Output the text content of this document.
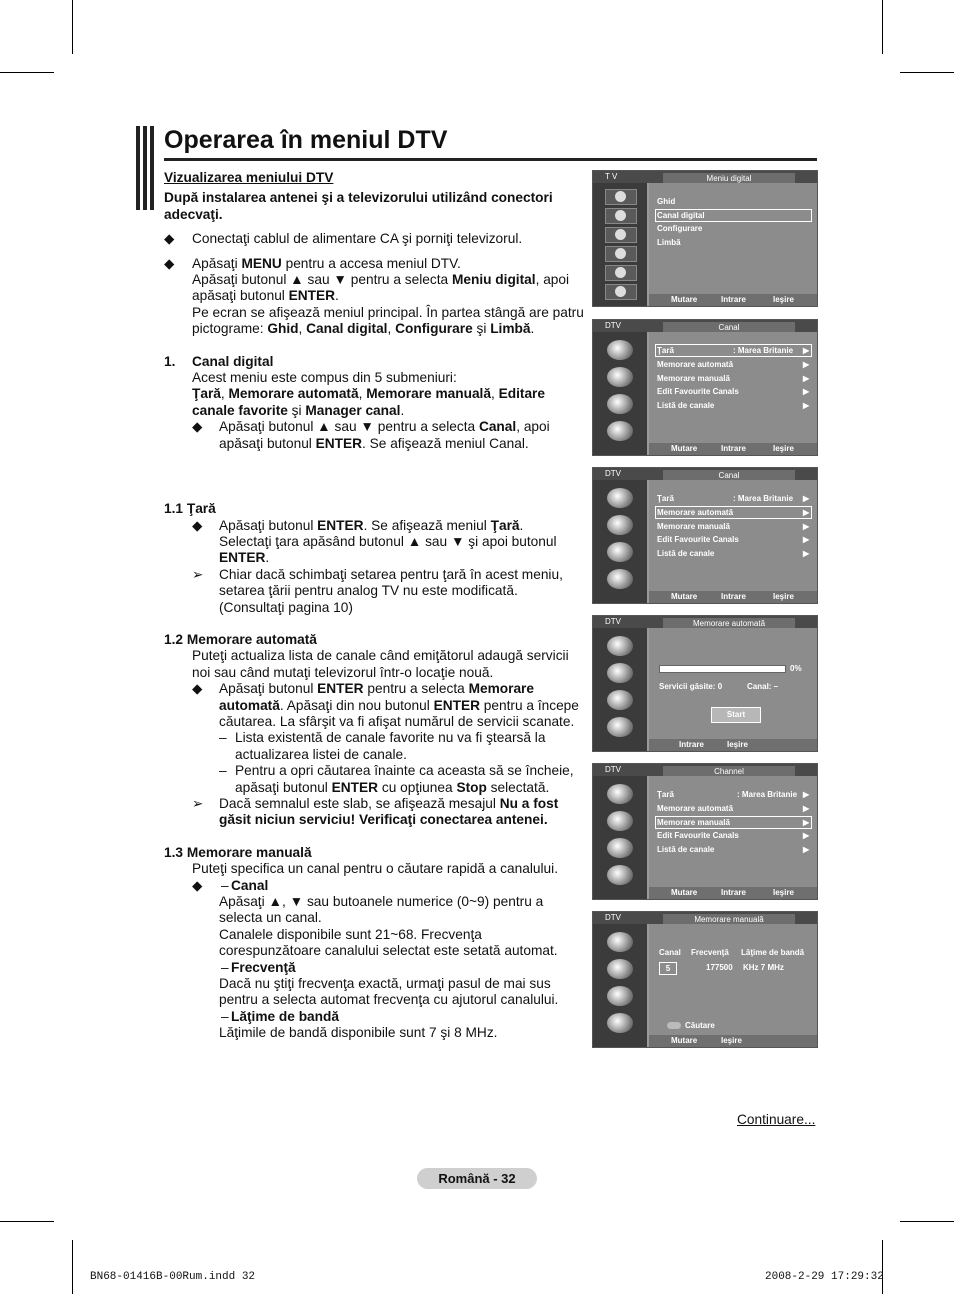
Operarea în meniul DTV

Vizualizarea meniului DTV

După instalarea antenei şi a televizorului utilizând conectori adecvaţi.

◆ Conectaţi cablul de alimentare CA şi porniţi televizorul.
◆ Apăsaţi MENU pentru a accesa meniul DTV.
Apăsaţi butonul ▲ sau ▼ pentru a selecta Meniu digital, apoi apăsaţi butonul ENTER.
Pe ecran se afişează meniul principal. În partea stângă are patru pictograme: Ghid, Canal digital, Configurare şi Limbă.
1. Canal digital
Acest meniu este compus din 5 submeniuri:
Ţară, Memorare automată, Memorare manuală, Editare canale favorite şi Manager canal.
◆ Apăsaţi butonul ▲ sau ▼ pentru a selecta Canal, apoi apăsaţi butonul ENTER. Se afişează meniul Canal.

1.1 Ţară

◆ Apăsaţi butonul ENTER. Se afişează meniul Ţară.
Selectaţi ţara apăsând butonul ▲ sau ▼ şi apoi butonul ENTER.
➢ Chiar dacă schimbaţi setarea pentru ţară în acest meniu, setarea ţării pentru analog TV nu este modificată. (Consultaţi pagina 10)

1.2 Memorare automată

Puteţi actualiza lista de canale când emiţătorul adaugă servicii noi sau când mutaţi televizorul într-o locaţie nouă.

◆ Apăsaţi butonul ENTER pentru a selecta Memorare automată. Apăsaţi din nou butonul ENTER pentru a începe căutarea. La sfârşit va fi afişat numărul de servicii scanate.
– Lista existentă de canale favorite nu va fi ştearsă la actualizarea listei de canale.
– Pentru a opri căutarea înainte ca aceasta să se încheie, apăsaţi butonul ENTER cu opţiunea Stop selectată.
➢ Dacă semnalul este slab, se afişează mesajul Nu a fost găsit niciun serviciu! Verificaţi conectarea antenei.

1.3 Memorare manuală

Puteţi specifica un canal pentru o căutare rapidă a canalului.

◆ – Canal
Apăsaţi ▲, ▼ sau butoanele numerice (0~9) pentru a selecta un canal.
Canalele disponibile sunt 21~68. Frecvenţa corespunzătoare canalului selectat este setată automat.
– Frecvenţă
Dacă nu ştiţi frecvenţa exactă, urmaţi pasul de mai sus pentru a selecta automat frecvenţa cu ajutorul canalului.
– Lăţime de bandă
Lăţimile de bandă disponibile sunt 7 şi 8 MHz.
T V	Meniu digital
Ghid
Canal digital
Configurare
Limbă
Mutare	Intrare	Ieşire
DTV	Canal
Ţară	: Marea Britanie ▶
Memorare automată	▶
Memorare manuală	▶
Edit Favourite Canals	▶
Listă de canale	▶
Mutare	Intrare	Ieşire
DTV	Canal
Ţară	: Marea Britanie ▶
Memorare automată	▶
Memorare manuală	▶
Edit Favourite Canals	▶
Listă de canale	▶
Mutare	Intrare	Ieşire
DTV	Memorare automată
0%
Servicii găsite: 0	Canal: –
Start
Intrare	Ieşire
DTV	Channel
Ţară	: Marea Britanie ▶
Memorare automată	▶
Memorare manuală	▶
Edit Favourite Canals	▶
Listă de canale	▶
Mutare	Intrare	Ieşire
DTV	Memorare manuală
Canal Frecvenţă Lăţime de bandă
5	177500 KHz 7 MHz
Căutare
Mutare	Ieşire
Continuare...
Română - 32
BN68-01416B-00Rum.indd 32	2008-2-29 17:29:32
